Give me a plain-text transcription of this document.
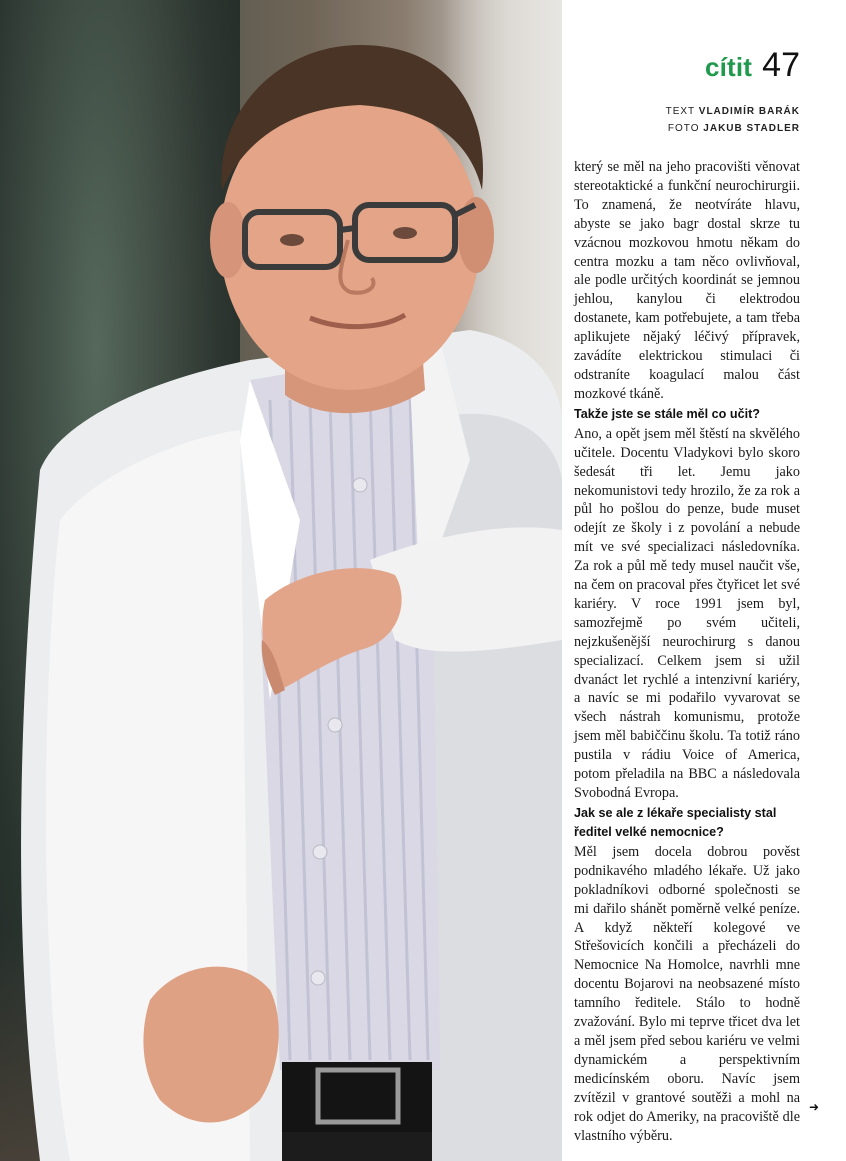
cítit 47
TEXT VLADIMÍR BARÁK
FOTO JAKUB STADLER

který se měl na jeho pracovišti věnovat stereotaktické a funkční neurochirurgii. To znamená, že neotvíráte hlavu, abyste se jako bagr dostal skrze tu vzácnou mozkovou hmotu někam do centra mozku a tam něco ovlivňoval, ale podle určitých koordinát se jemnou jehlou, kanylou či elektrodou dostanete, kam potřebujete, a tam třeba aplikujete nějaký léčivý přípravek, zavádíte elektrickou stimulaci či odstraníte koagulací malou část mozkové tkáně.

Takže jste se stále měl co učit?

Ano, a opět jsem měl štěstí na skvělého učitele. Docentu Vladykovi bylo skoro šedesát tři let. Jemu jako nekomunistovi tedy hrozilo, že za rok a půl ho pošlou do penze, bude muset odejít ze školy i z povolání a nebude mít ve své specializaci následovníka. Za rok a půl mě tedy musel naučit vše, na čem on pracoval přes čtyřicet let své kariéry. V roce 1991 jsem byl, samozřejmě po svém učiteli, nejzkušenější neurochirurg s danou specializací. Celkem jsem si užil dvanáct let rychlé a intenzivní kariéry, a navíc se mi podařilo vyvarovat se všech nástrah komunismu, protože jsem měl babiččinu školu. Ta totiž ráno pustila v rádiu Voice of America, potom přeladila na BBC a následovala Svobodná Evropa.

Jak se ale z lékaře specialisty stal ředitel velké nemocnice?

Měl jsem docela dobrou pověst podnikavého mladého lékaře. Už jako pokladníkovi odborné společnosti se mi dařilo shánět poměrně velké peníze. A když někteří kolegové ve Střešovicích končili a přecházeli do Nemocnice Na Homolce, navrhli mne docentu Bojarovi na neobsazené místo tamního ředitele. Stálo to hodně zvažování. Bylo mi teprve třicet dva let a měl jsem před sebou kariéru ve velmi dynamickém a perspektivním medicínském oboru. Navíc jsem zvítězil v grantové soutěži a mohl na rok odjet do Ameriky, na pracoviště dle vlastního výběru.

➜
